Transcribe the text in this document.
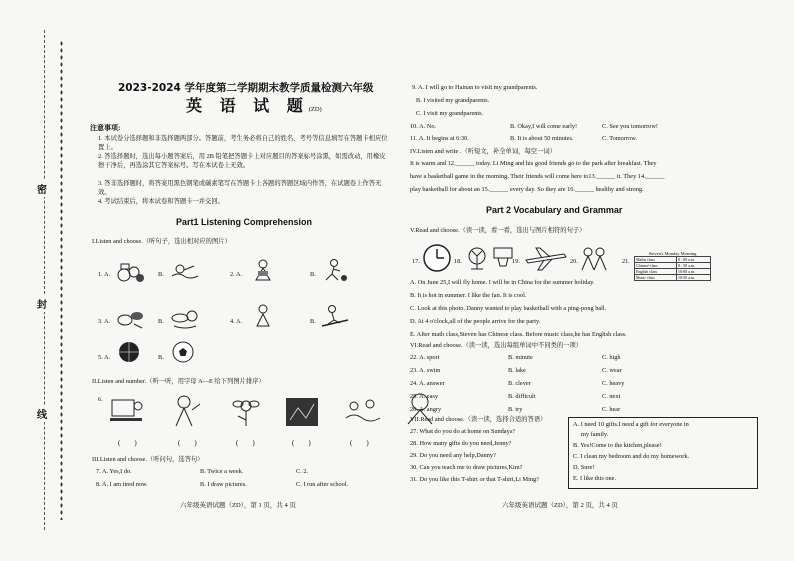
密
封
线
2023-2024 学年度第二学期期末教学质量检测六年级
英 语 试 题(ZD)
注意事项:
1. 本试卷分选择题和非选择题两部分。答题前，考生务必将自己的姓名、考号等信息填写在答题卡相应位置上。
2. 答选择题时，选出每小题答案后，用 2B 铅笔把答题卡上对应题目的答案标号涂黑，如需改动，用橡皮擦干净后，再选涂其它答案标号。写在本试卷上无效。
3. 答非选择题时，将答案用黑色钢笔或碳素笔写在答题卡上各题的答题区域内作答，在试题卷上作答无效。
4. 考试结束后，将本试卷和答题卡一并交回。
Part1 Listening Comprehension
I.Listen and choose.（听句子，选出相对应的图片）
1. A.	B.	2. A.	B.
3. A.	B.	4. A.	B.
5. A.	B.
II.Listen and number.（听一听，用字母 A—E 给下列图片排序）
6.
(　　)	(　　)	(　　)	(　　)	(　　)
III.Listen and choose.（听问句，选答句）
7. A. Yes,I do.	B. Twice a week.	C. 2.
8. A. I am tired now.	B. I draw pictures.	C. I run after school.
六年级英语试题（ZD），第 1 页，共 4 页
9. A. I will go to Hainan to visit my grandparents.
B. I visited my grandparents.
C. I visit my grandparents.
10. A. No.	B. Okay,I will come early!	C. See you tomorrow!
11. A. It begins at 6:30.	B. It is about 50 minutes.	C. Tomorrow.
IV.Listen and write .（听短文，补全单词，每空一词）
It is warm and 12.______ today. Li Ming and his good friends go to the park after breakfast. They
have a basketball game in the morning. Their friends will come here to13.______ it. They 14.______
play basketball for about an 15.______ every day. So they are 16.______ healthy and strong.
Part 2 Vocabulary and Grammar
V.Read and choose.（读一读，看一看，选出与图片相符的句子）
17.	18.	19.	20.	21.
Steven's Monday Morning	
Maths class	8 : 00 a.m.
Chinese class	8 : 50 a.m.
English class	10:00 a.m.
Music class	10:50 a.m.
A. On June 25,I will fly home. I will be in China for the summer holiday.
B. It is hot in summer. I like the fan. It is cool.
C. Look at this photo. Danny wanted to play basketball with a ping-pong ball.
D. At 4 o'clock,all of the people arrive for the party.
E. After math class,Steven has Chinese class. Before music class,he has English class.
VI.Read and choose.（读一读，选出每组单词中不同类的一项）
22. A. sport	B. minute	C. high
23. A. swim	B. lake	C. wear
24. A. answer	B. clever	C. heavy
25. A. easy	B. difficult	C. next
26. A. angry	B. try	C. hear
VII.Read and choose.（读一读，选择合适的答语）
27. What do you do at home on Sundays?
28. How many gifts do you need,Jenny?
29. Do you need any help,Danny?
30. Can you teach me to draw pictures,Kim?
31. Do you like this T-shirt or that T-shirt,Li Ming?
A. I need 10 gifts.I need a gift for everyone in
my family.
B. Yes!Come to the kitchen,please!
C. I clean my bedroom and do my homework.
D. Sure!
E. I like this one.
六年级英语试题（ZD），第 2 页，共 4 页
